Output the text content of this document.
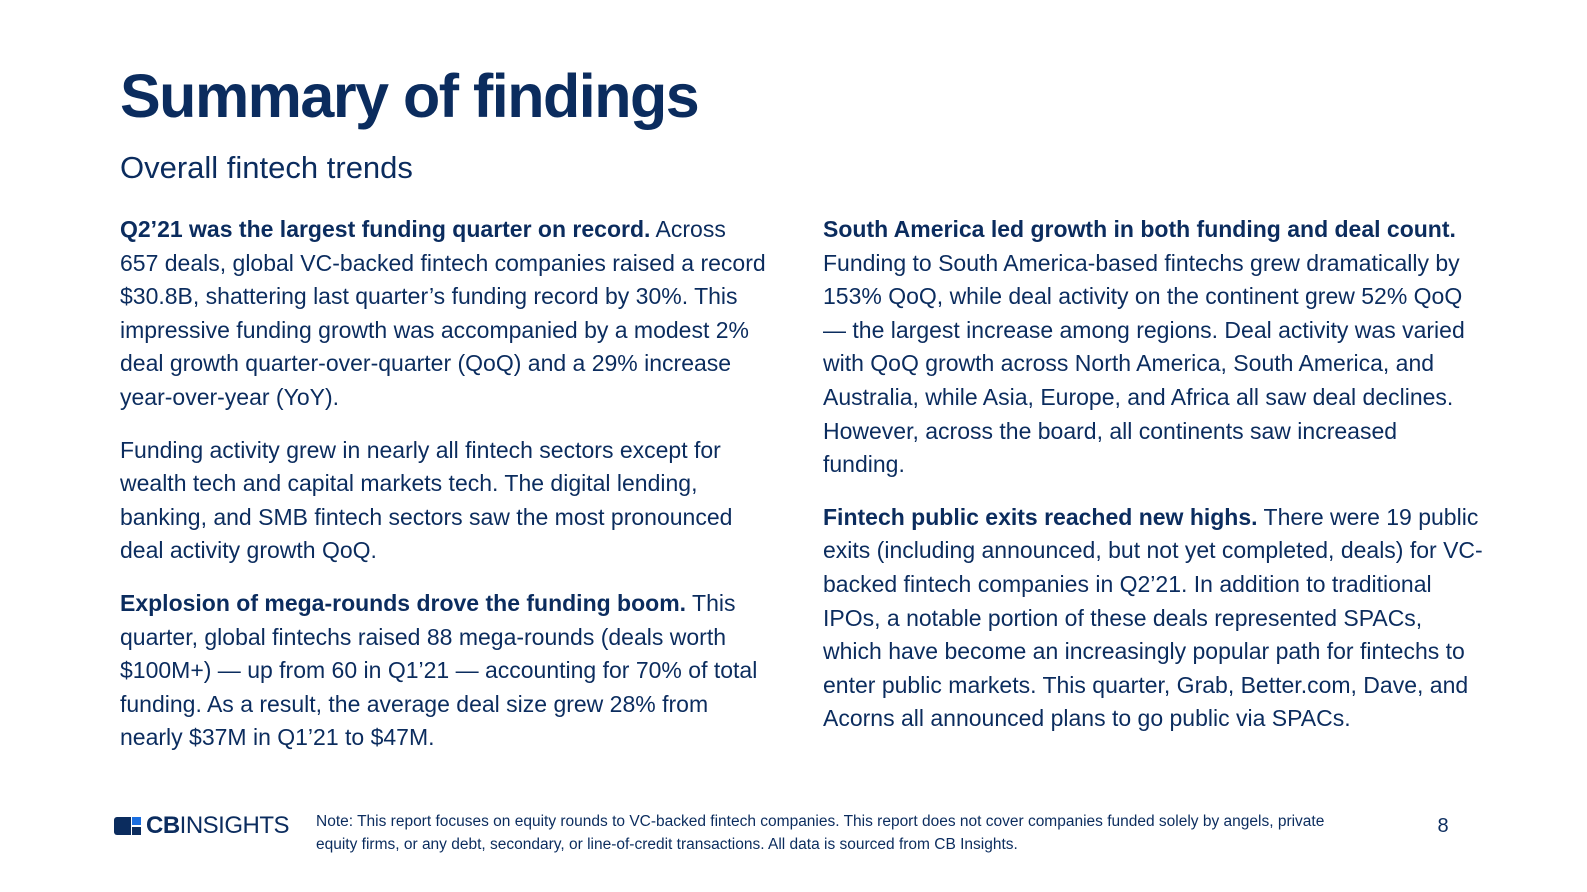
Summary of findings
Overall fintech trends

Q2’21 was the largest funding quarter on record. Across 657 deals, global VC-backed fintech companies raised a record $30.8B, shattering last quarter’s funding record by 30%. This impressive funding growth was accompanied by a modest 2% deal growth quarter-over-quarter (QoQ) and a 29% increase year-over-year (YoY).

Funding activity grew in nearly all fintech sectors except for wealth tech and capital markets tech. The digital lending, banking, and SMB fintech sectors saw the most pronounced deal activity growth QoQ.

Explosion of mega-rounds drove the funding boom. This quarter, global fintechs raised 88 mega-rounds (deals worth $100M+) — up from 60 in Q1’21 — accounting for 70% of total funding. As a result, the average deal size grew 28% from nearly $37M in Q1’21 to $47M.

South America led growth in both funding and deal count. Funding to South America-based fintechs grew dramatically by 153% QoQ, while deal activity on the continent grew 52% QoQ — the largest increase among regions. Deal activity was varied with QoQ growth across North America, South America, and Australia, while Asia, Europe, and Africa all saw deal declines. However, across the board, all continents saw increased funding.

Fintech public exits reached new highs. There were 19 public exits (including announced, but not yet completed, deals) for VC-backed fintech companies in Q2’21. In addition to traditional IPOs, a notable portion of these deals represented SPACs, which have become an increasingly popular path for fintechs to enter public markets. This quarter, Grab, Better.com, Dave, and Acorns all announced plans to go public via SPACs.

CBINSIGHTS Note: This report focuses on equity rounds to VC-backed fintech companies. This report does not cover companies funded solely by angels, private equity firms, or any debt, secondary, or line-of-credit transactions. All data is sourced from CB Insights.

8
